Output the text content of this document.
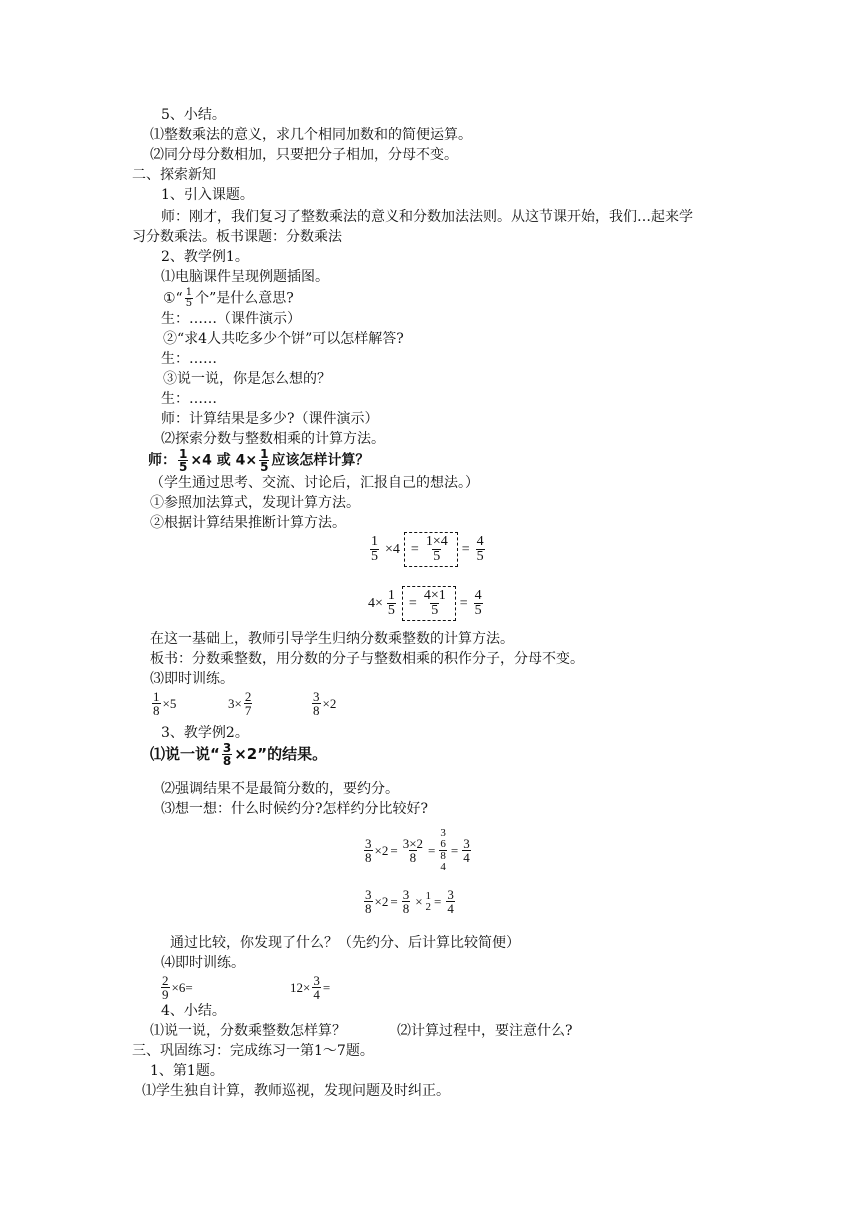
5、小结。
⑴整数乘法的意义，求几个相同加数和的简便运算。
⑵同分母分数相加，只要把分子相加，分母不变。
二、探索新知
1、引入课题。
师：刚才，我们复习了整数乘法的意义和分数加法法则。从这节课开始，我们…起来学
习分数乘法。板书课题：分数乘法
2、教学例1。
⑴电脑课件呈现例题插图。
①“ $\frac{1}{5}$ 个”是什么意思?
生：……（课件演示）
②“求4人共吃多少个饼”可以怎样解答?
生：……
③说一说，你是怎么想的？
生：……
师：计算结果是多少?（课件演示）
⑵探索分数与整数相乘的计算方法。
师： $\frac{1}{5} \times 4$ 或 $4\times \frac{1}{5}$ 应该怎样计算？
（学生通过思考、交流、讨论后，汇报自己的想法。）
①参照加法算式，发现计算方法。
②根据计算结果推断计算方法。
$\frac{1}{5} \times 4 = \frac{1\times 4}{5} = \frac{4}{5}$
$4\times \frac{1}{5} = \frac{4\times 1}{5} = \frac{4}{5}$
在这一基础上，教师引导学生归纳分数乘整数的计算方法。
板书：分数乘整数，用分数的分子与整数相乘的积作分子，分母不变。
⑶即时训练。
$\frac{1}{8} \times 5$	$3\times \frac{2}{7}$	$\frac{3}{8} \times 2$
3、教学例2。
⑴说一说“ $\frac{3}{8} \times 2$”的结果。
⑵强调结果不是最简分数的，要约分。
⑶想一想：什么时候约分?怎样约分比较好?
$\frac{3}{8} \times 2 = \frac{3\times 2}{8}$ =
3
$\frac{6}{8}$
4
= $\frac{3}{4}$
$\frac{3}{8} \times 2 = \frac{3}{8} \times 1$
$2 = \frac{3}{4}$
通过比较，你发现了什么？（先约分、后计算比较简便）
⑷即时训练。
$\frac{2}{9} \times 6$ =	$12\times \frac{3}{4}$ =
4、小结。
⑴说一说，分数乘整数怎样算？	⑵计算过程中，要注意什么?
三、巩固练习：完成练习一第1～7题。
1、第1题。
⑴学生独自计算，教师巡视，发现问题及时纠正。
